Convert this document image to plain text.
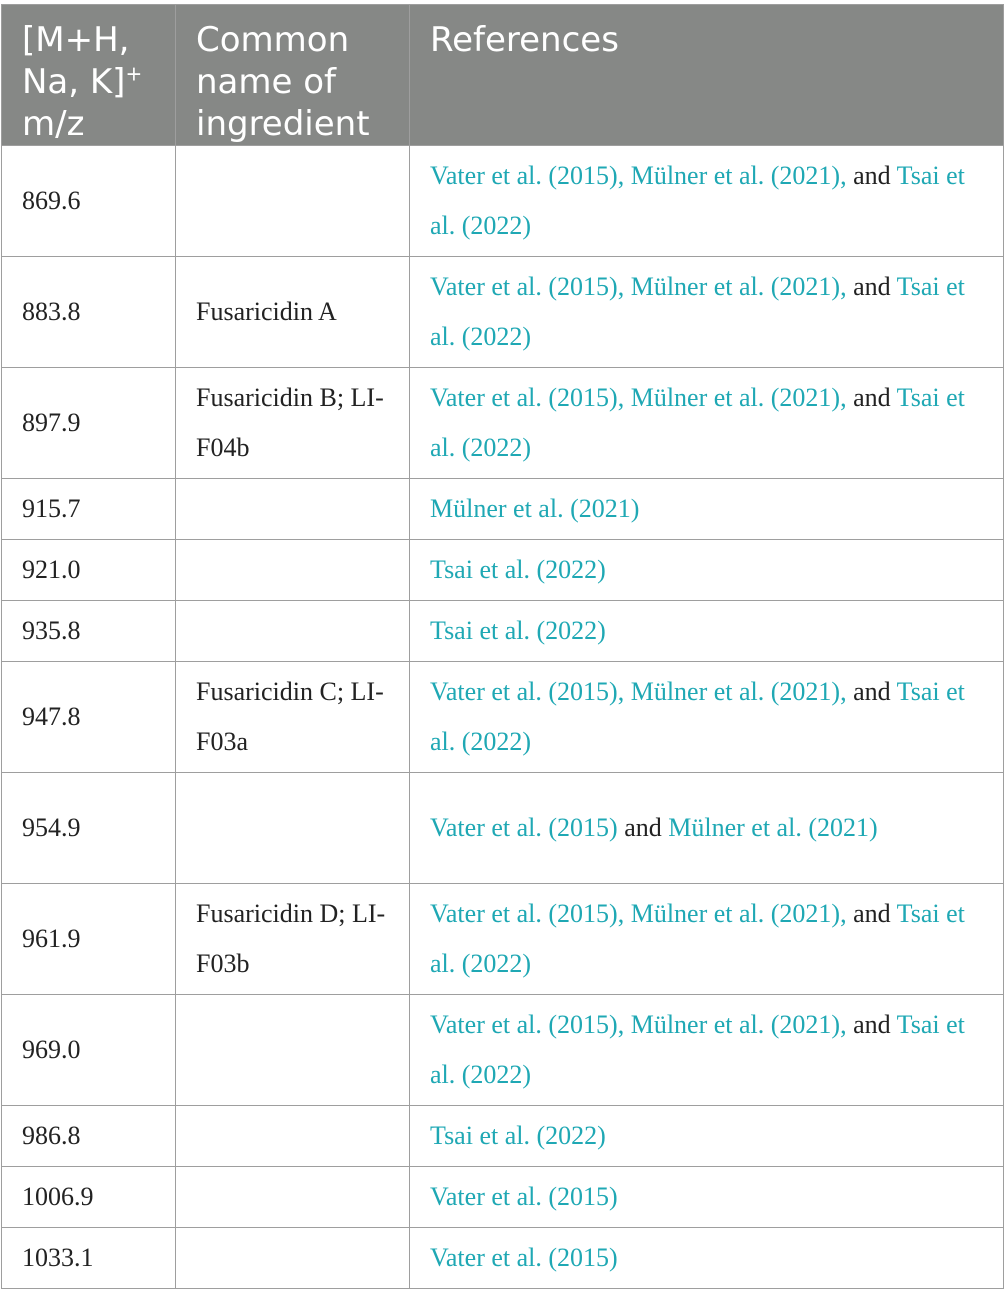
[M+H, Na, K]+
m/z	Common name of ingredient	References
869.6		Vater et al. (2015), Mülner et al. (2021), and Tsai et al. (2022)
883.8	Fusaricidin A	Vater et al. (2015), Mülner et al. (2021), and Tsai et al. (2022)
897.9	Fusaricidin B; LI-F04b	Vater et al. (2015), Mülner et al. (2021), and Tsai et al. (2022)
915.7		Mülner et al. (2021)
921.0		Tsai et al. (2022)
935.8		Tsai et al. (2022)
947.8	Fusaricidin C; LI-F03a	Vater et al. (2015), Mülner et al. (2021), and Tsai et al. (2022)
954.9		Vater et al. (2015) and Mülner et al. (2021)
961.9	Fusaricidin D; LI-F03b	Vater et al. (2015), Mülner et al. (2021), and Tsai et al. (2022)
969.0		Vater et al. (2015), Mülner et al. (2021), and Tsai et al. (2022)
986.8		Tsai et al. (2022)
1006.9		Vater et al. (2015)
1033.1		Vater et al. (2015)
